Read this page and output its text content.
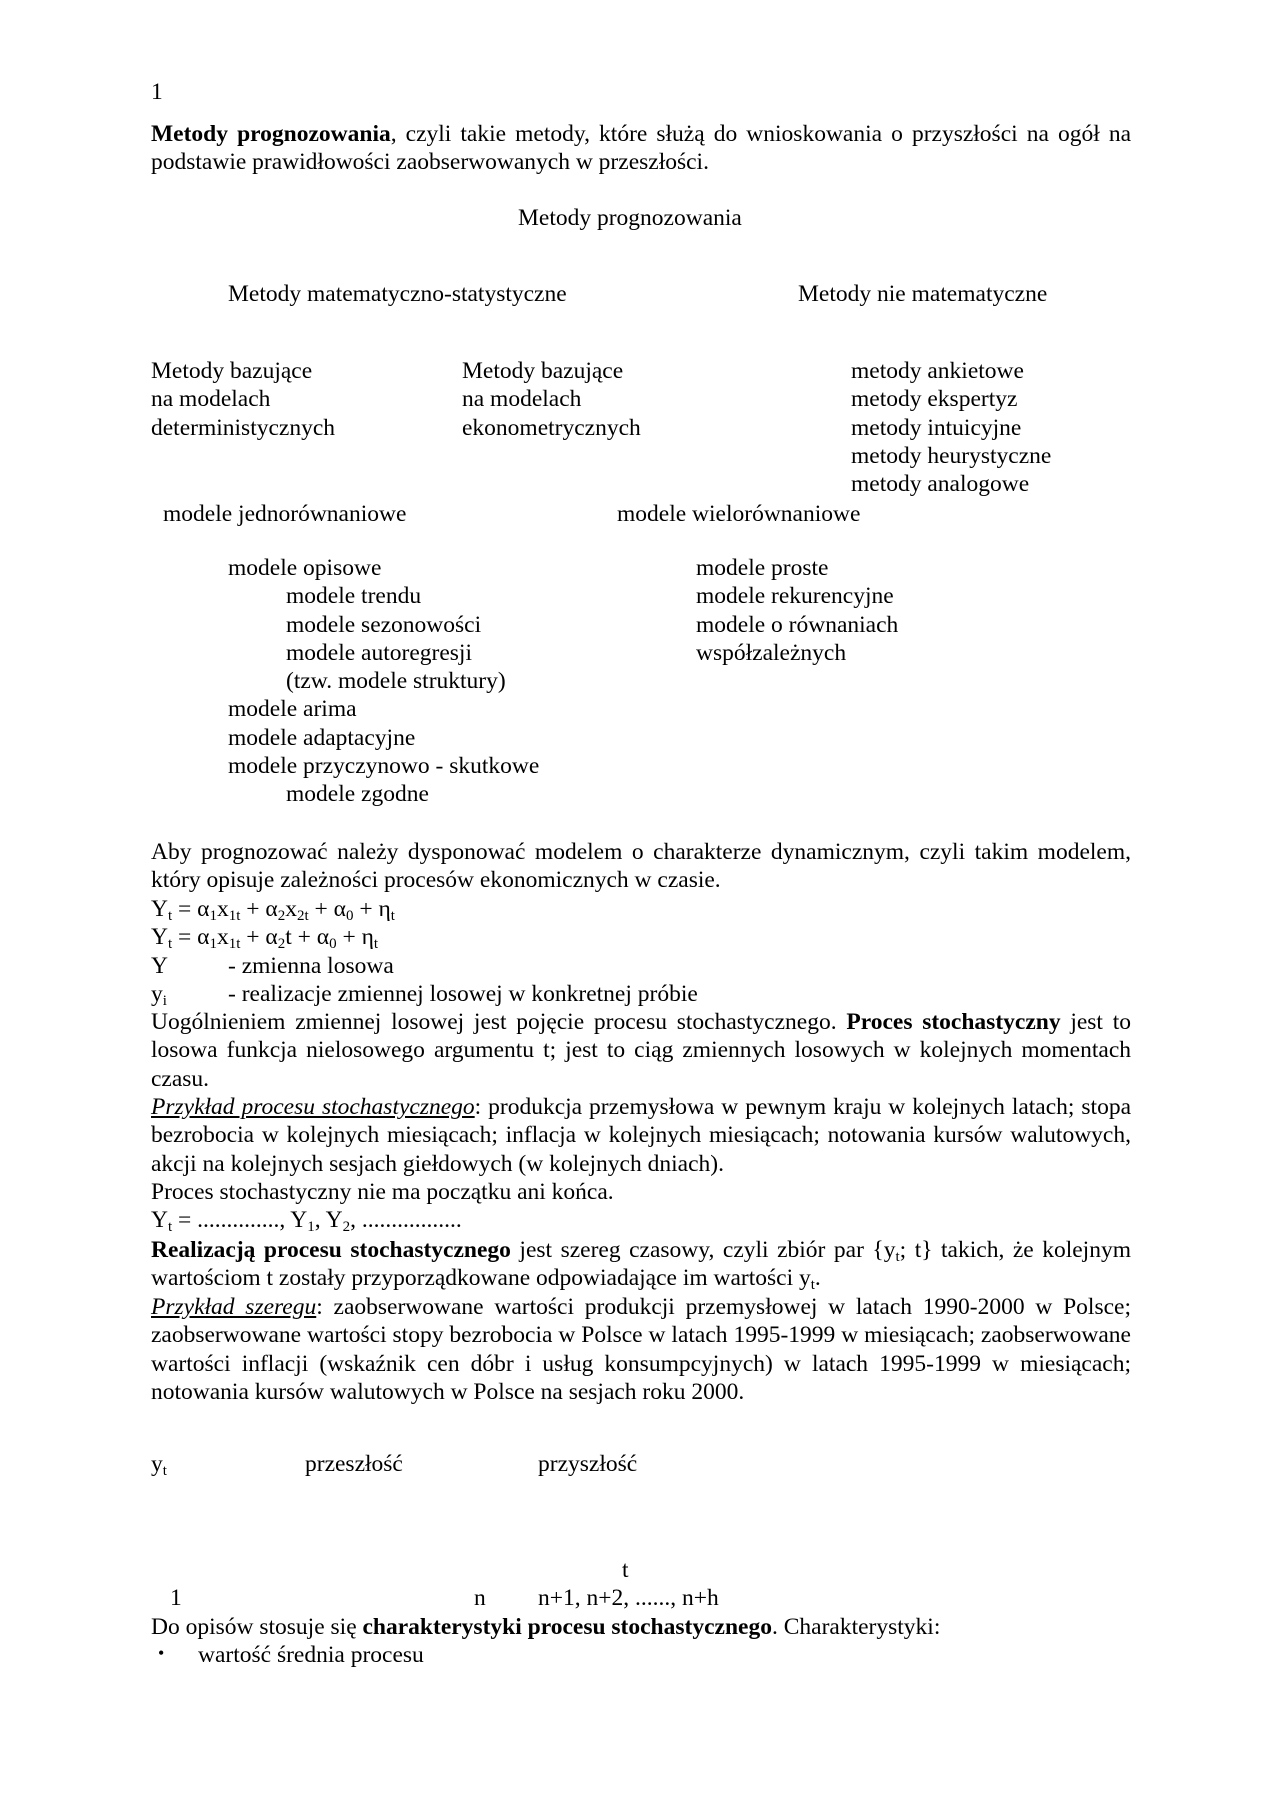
1
Metody prognozowania, czyli takie metody, które służą do wnioskowania o przyszłości na ogół na podstawie prawidłowości zaobserwowanych w przeszłości.
Metody prognozowania
Metody matematyczno-statystyczne	Metody nie matematyczne
Metody bazujące
na modelach
deterministycznych
Metody bazujące
na modelach
ekonometrycznych
metody ankietowe
metody ekspertyz
metody intuicyjne
metody heurystyczne
metody analogowe
modele jednorównaniowe	modele wielorównaniowe
modele opisowe
modele trendu
modele sezonowości
modele autoregresji
(tzw. modele struktury)
modele arima
modele adaptacyjne
modele przyczynowo - skutkowe
modele zgodne
modele proste
modele rekurencyjne
modele o równaniach
współzależnych
Aby prognozować należy dysponować modelem o charakterze dynamicznym, czyli takim modelem, który opisuje zależności procesów ekonomicznych w czasie.
$Y_t = \alpha_1x_{1t} + \alpha_2x_{2t} + \alpha_0 + \eta_t$
$Y_t = \alpha_1x_{1t} + \alpha_2t + \alpha_0 + \eta_t$
Y	- zmienna losowa
$y_i$	- realizacje zmiennej losowej w konkretnej próbie
Uogólnieniem zmiennej losowej jest pojęcie procesu stochastycznego. Proces stochastyczny jest to losowa funkcja nielosowego argumentu t; jest to ciąg zmiennych losowych w kolejnych momentach czasu.
Przykład procesu stochastycznego: produkcja przemysłowa w pewnym kraju w kolejnych latach; stopa bezrobocia w kolejnych miesiącach; inflacja w kolejnych miesiącach; notowania kursów walutowych, akcji na kolejnych sesjach giełdowych (w kolejnych dniach).
Proces stochastyczny nie ma początku ani końca.
$Y_t$ = .............., $Y_1$, $Y_2$, .................
Realizacją procesu stochastycznego jest szereg czasowy, czyli zbiór par {$y_t$; t} takich, że kolejnym wartościom t zostały przyporządkowane odpowiadające im wartości $y_t$.
Przykład szeregu: zaobserwowane wartości produkcji przemysłowej w latach 1990-2000 w Polsce; zaobserwowane wartości stopy bezrobocia w Polsce w latach 1995-1999 w miesiącach; zaobserwowane wartości inflacji (wskaźnik cen dóbr i usług konsumpcyjnych) w latach 1995-1999 w miesiącach; notowania kursów walutowych w Polsce na sesjach roku 2000.
$y_t$	przeszłość	przyszłość
t
1	n n+1, n+2, ......, n+h
Do opisów stosuje się charakterystyki procesu stochastycznego. Charakterystyki:
• wartość średnia procesu
